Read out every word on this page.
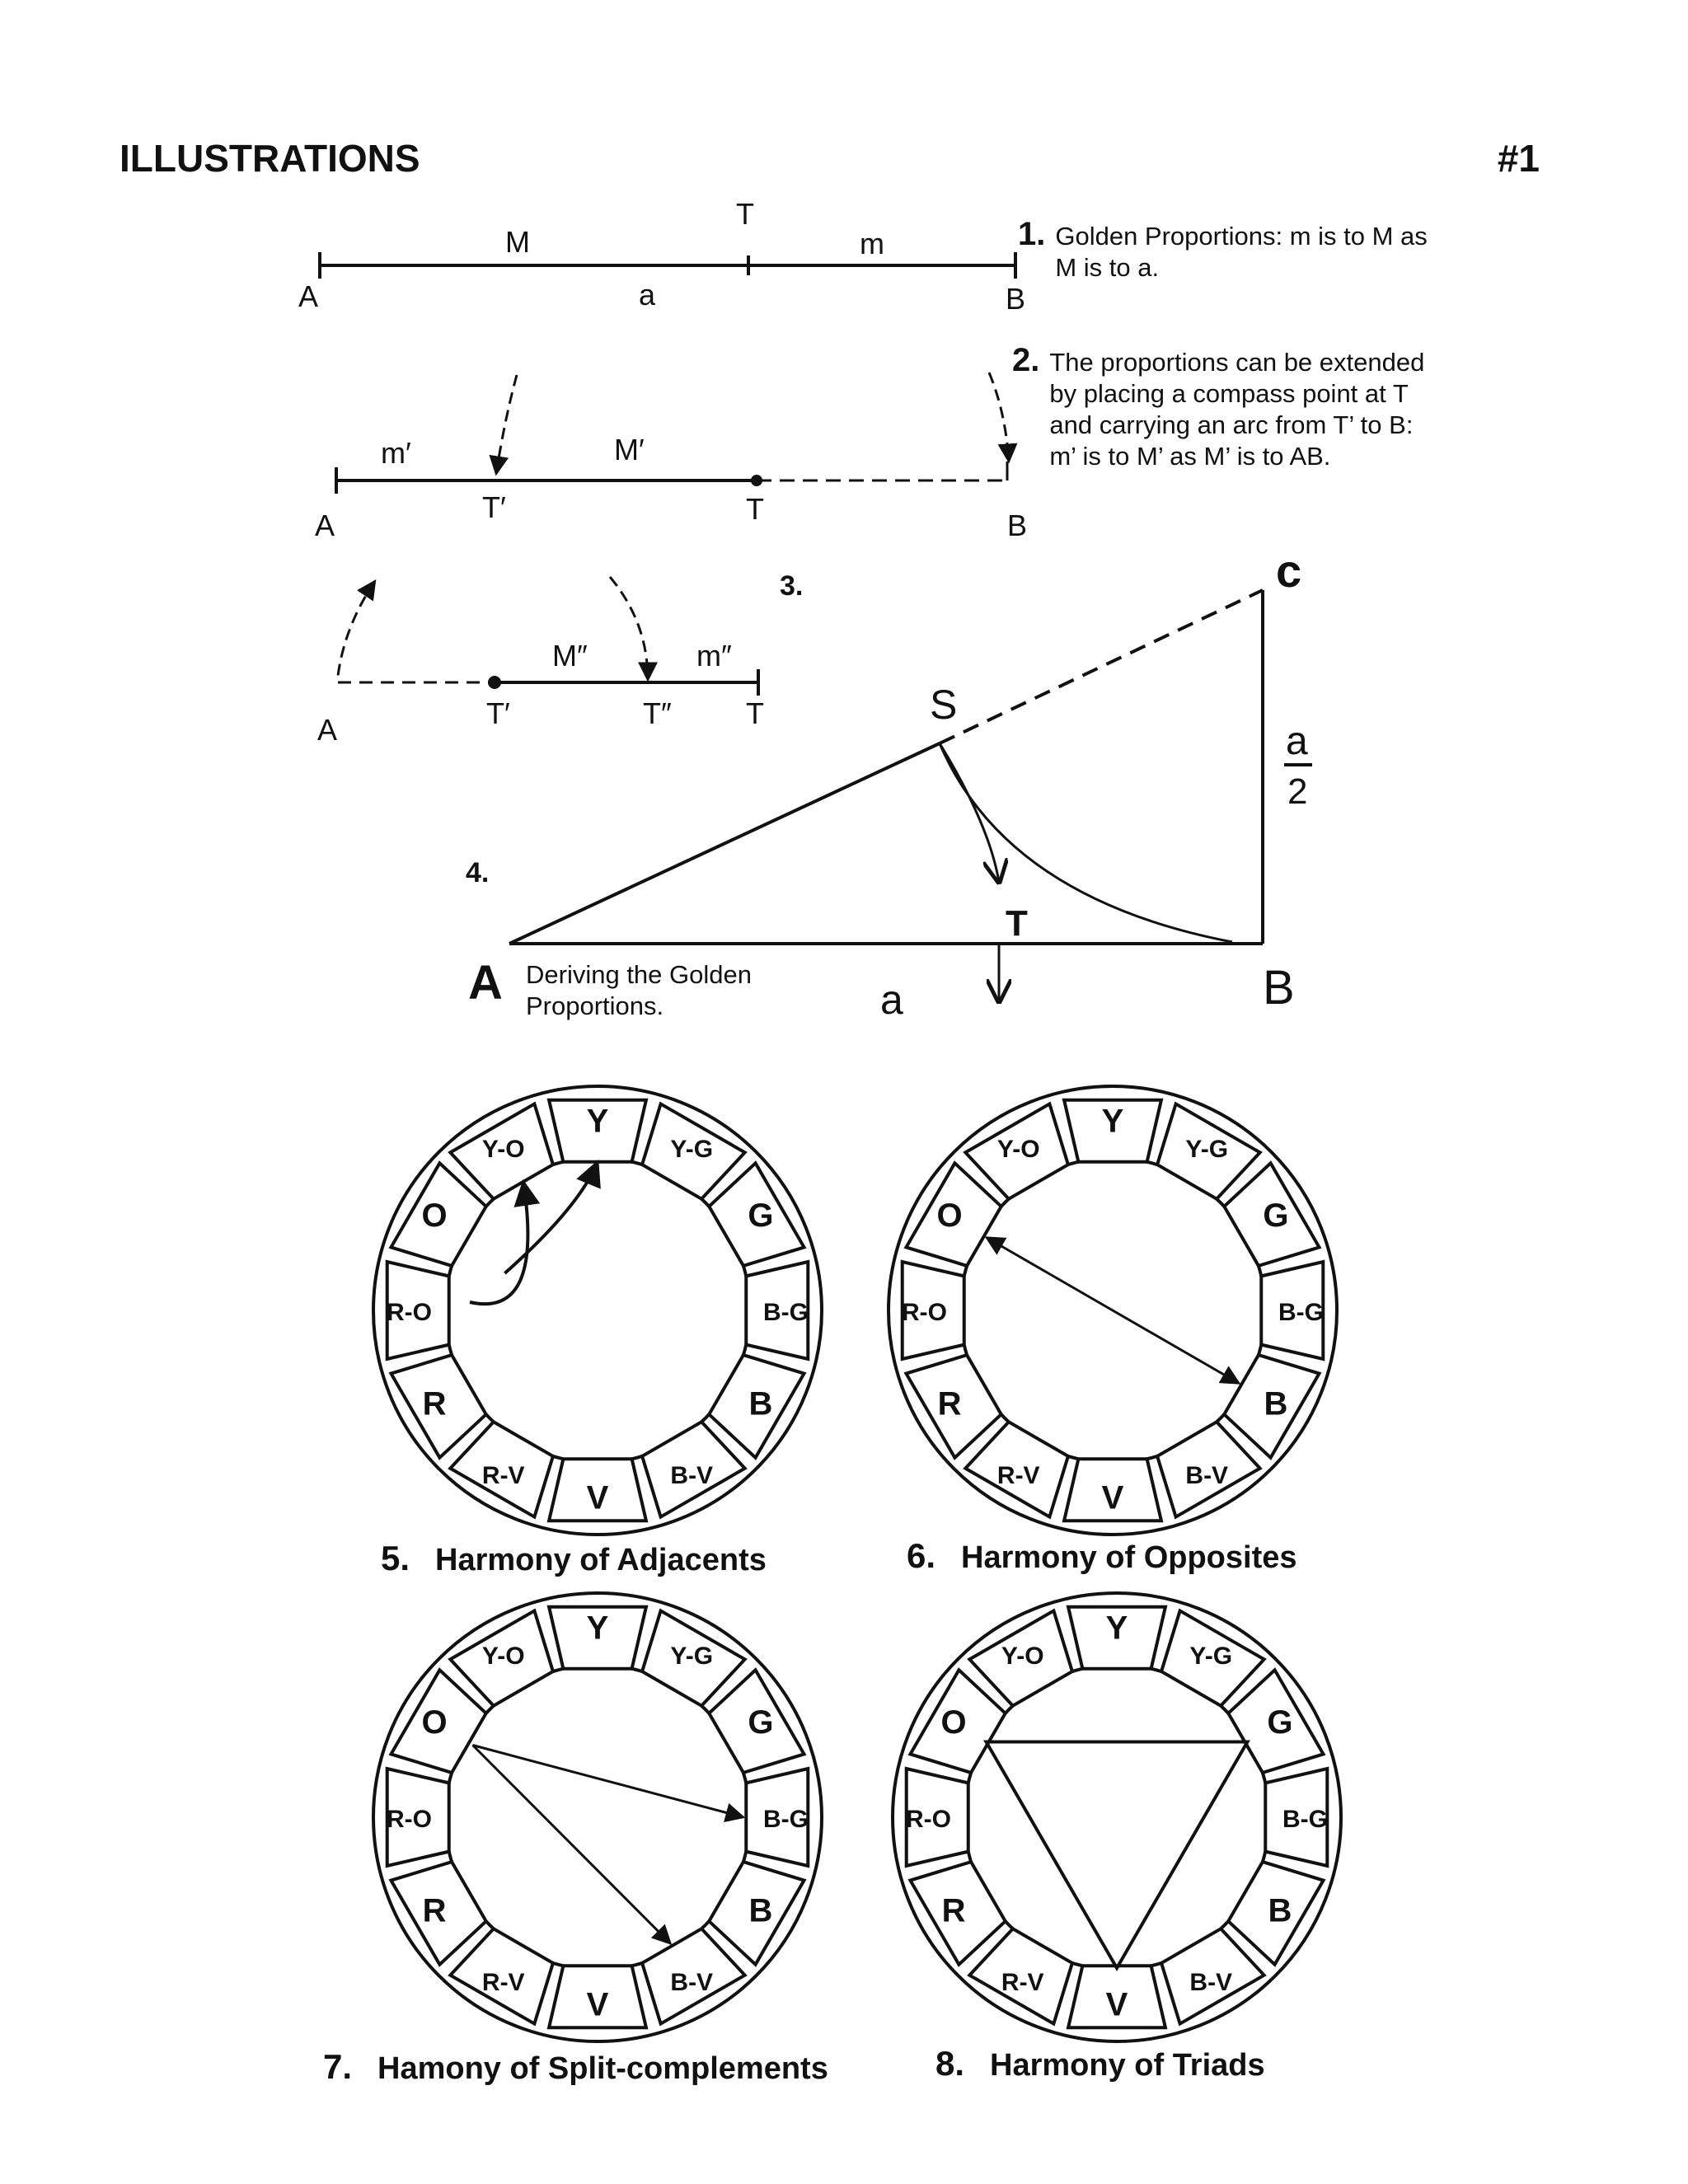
ILLUSTRATIONS	#1
1. Golden Proportions: m is to M as M is to a.
2. The proportions can be extended by placing a compass point at T and carrying an arc from T’ to B: m’ is to M’ as M’ is to AB.
Deriving the Golden Proportions.
T
M	m
A	a	B
m′	M′
A
T′	T	B
3.
M″	m″
A	T′	T″	T
4.
A	B
c
S
T
a
a
2
Y
Y-G
G
B-G
B
B-V
V
R-V
R
R-O
O
Y-O
5. Harmony of Adjacents
Y
Y-G
G
B-G
B
B-V
V
R-V
R
R-O
O
Y-O
6. Harmony of Opposites
Y
Y-G
G
B-G
B
B-V
V
R-V
R
R-O
O
Y-O
7. Hamony of Split-complements
Y
Y-G
G
B-G
B
B-V
V
R-V
R
R-O
O
Y-O
8. Harmony of Triads
